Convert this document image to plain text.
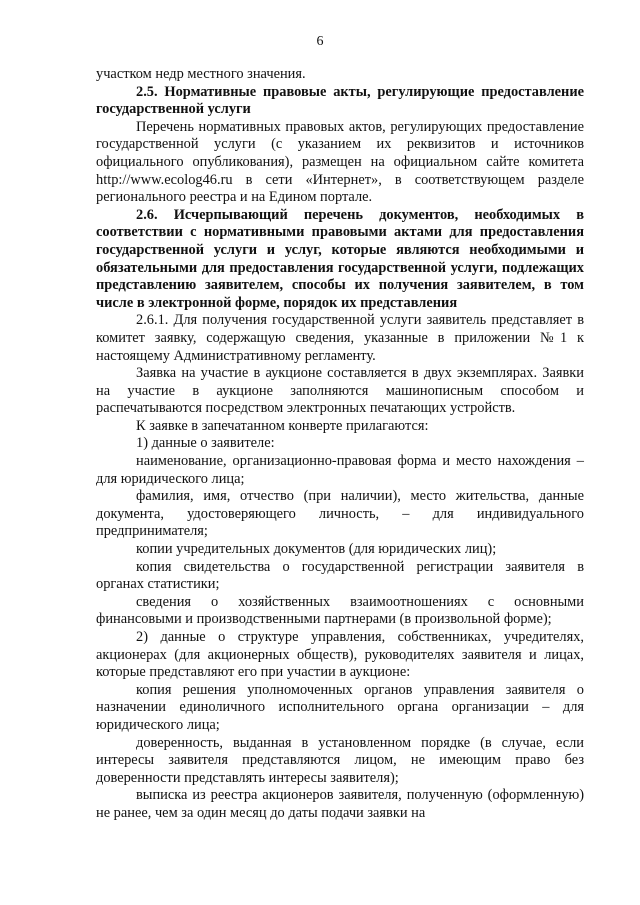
6

участком недр местного значения.

2.5. Нормативные правовые акты, регулирующие предоставление государственной услуги

Перечень нормативных правовых актов, регулирующих предоставление государственной услуги (с указанием их реквизитов и источников официального опубликования), размещен на официальном сайте комитета http://www.ecolog46.ru в сети «Интернет», в соответствующем разделе регионального реестра и на Едином портале.

2.6. Исчерпывающий перечень документов, необходимых в соответствии с нормативными правовыми актами для предоставления государственной услуги и услуг, которые являются необходимыми и обязательными для предоставления государственной услуги, подлежащих представлению заявителем, способы их получения заявителем, в том числе в электронной форме, порядок их представления

2.6.1. Для получения государственной услуги заявитель представляет в комитет заявку, содержащую сведения, указанные в приложении №1 к настоящему Административному регламенту.

Заявка на участие в аукционе составляется в двух экземплярах. Заявки на участие в аукционе заполняются машинописным способом и распечатываются посредством электронных печатающих устройств.

К заявке в запечатанном конверте прилагаются:

1) данные о заявителе:

наименование, организационно-правовая форма и место нахождения – для юридического лица;

фамилия, имя, отчество (при наличии), место жительства, данные документа, удостоверяющего личность, – для индивидуального предпринимателя;

копии учредительных документов (для юридических лиц);

копия свидетельства о государственной регистрации заявителя в органах статистики;

сведения о хозяйственных взаимоотношениях с основными финансовыми и производственными партнерами (в произвольной форме);

2) данные о структуре управления, собственниках, учредителях, акционерах (для акционерных обществ), руководителях заявителя и лицах, которые представляют его при участии в аукционе:

копия решения уполномоченных органов управления заявителя о назначении единоличного исполнительного органа организации – для юридического лица;

доверенность, выданная в установленном порядке (в случае, если интересы заявителя представляются лицом, не имеющим право без доверенности представлять интересы заявителя);

выписка из реестра акционеров заявителя, полученную (оформленную) не ранее, чем за один месяц до даты подачи заявки на
